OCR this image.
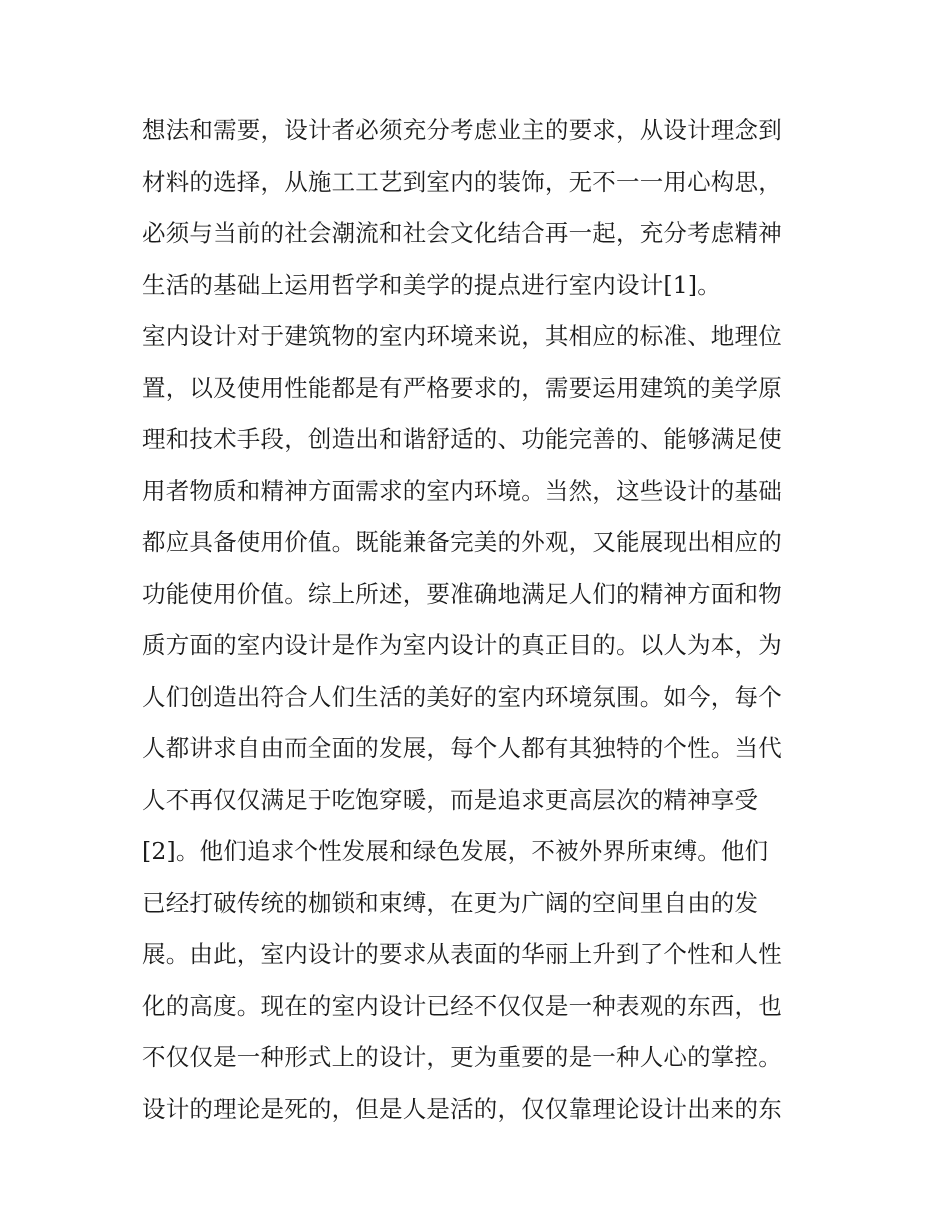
想法和需要，设计者必须充分考虑业主的要求，从设计理念到
材料的选择，从施工工艺到室内的装饰，无不一一用心构思，
必须与当前的社会潮流和社会文化结合再一起，充分考虑精神
生活的基础上运用哲学和美学的提点进行室内设计[1]。
室内设计对于建筑物的室内环境来说，其相应的标准、地理位
置，以及使用性能都是有严格要求的，需要运用建筑的美学原
理和技术手段，创造出和谐舒适的、功能完善的、能够满足使
用者物质和精神方面需求的室内环境。当然，这些设计的基础
都应具备使用价值。既能兼备完美的外观，又能展现出相应的
功能使用价值。综上所述，要准确地满足人们的精神方面和物
质方面的室内设计是作为室内设计的真正目的。以人为本，为
人们创造出符合人们生活的美好的室内环境氛围。如今，每个
人都讲求自由而全面的发展，每个人都有其独特的个性。当代
人不再仅仅满足于吃饱穿暖，而是追求更高层次的精神享受
[2]。他们追求个性发展和绿色发展，不被外界所束缚。他们
已经打破传统的枷锁和束缚，在更为广阔的空间里自由的发
展。由此，室内设计的要求从表面的华丽上升到了个性和人性
化的高度。现在的室内设计已经不仅仅是一种表观的东西，也
不仅仅是一种形式上的设计，更为重要的是一种人心的掌控。
设计的理论是死的，但是人是活的，仅仅靠理论设计出来的东
